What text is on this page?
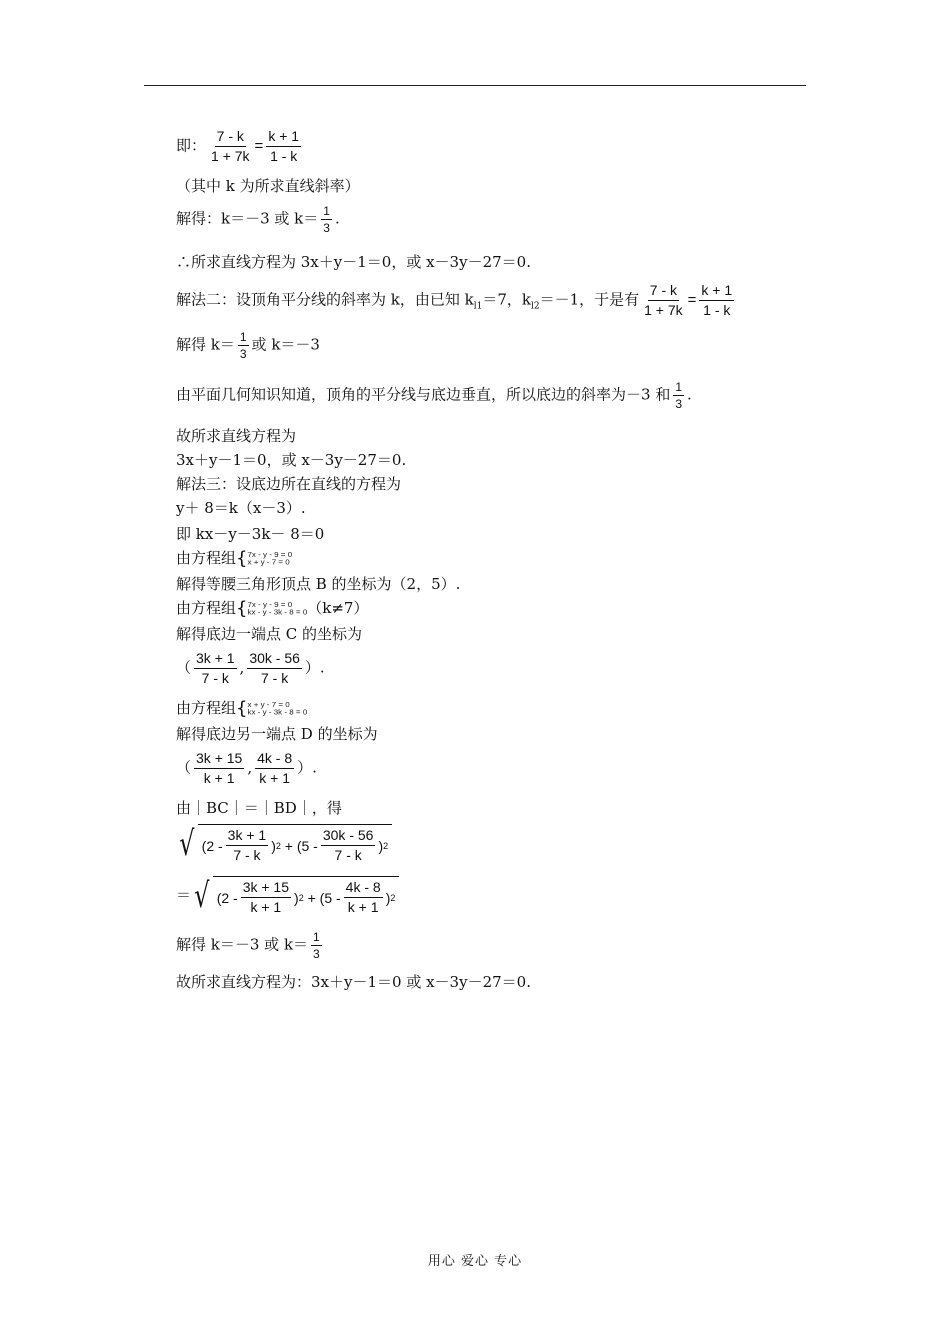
即： $\frac{7 - k}{1 + 7k} = \frac{k + 1}{1 - k}$
（其中 k 为所求直线斜率）
解得：k＝－3 或 $k= \frac{1}{3}$ .
∴所求直线方程为 3x＋y－1＝0，或 x－3y－27＝0.
解法二：设顶角平分线的斜率为 k，由已知 $k_{l1}=7$，$k_{l2}=-1$，于是有 $\frac{7 - k}{1 + 7k} = \frac{k + 1}{1 - k}$
解得 $k= \frac{1}{3}$ 或 k＝－3
由平面几何知识知道，顶角的平分线与底边垂直，所以底边的斜率为－3 和 $\frac{1}{3}$ .
故所求直线方程为
3x＋y－1＝0，或 x－3y－27＝0.
解法三：设底边所在直线的方程为
y＋ 8＝k（x－3）.
即 kx－y－3k－ 8＝0
由方程组{ 7x - y - 9 = 0
x + y - 7 = 0
解得等腰三角形顶点 B 的坐标为（2，5）.
由方程组{ 7x - y - 9 = 0
kx - y - 3k - 8 = 0 （k≠7）
解得底边一端点 C 的坐标为
（ $\frac{3k + 1}{7 - k}$ , $\frac{30k - 56}{7 - k}$ ）.
由方程组{ x + y - 7 = 0
kx - y - 3k - 8 = 0
解得底边另一端点 D 的坐标为
（ $\frac{3k + 15}{k + 1}$ , $\frac{4k - 8}{k + 1}$ ）.
由｜BC｜＝｜BD｜，得
√ ($2 - \frac{3k + 1}{7 - k}$ ) 2
+ ($5 - \frac{30k - 56}{7 - k}$ ) 2
＝ √ ($2 - \frac{3k + 15}{k + 1}$ ) 2
+ ($5 - \frac{4k - 8}{k + 1}$ ) 2
解得 k＝－3 或 $k= \frac{1}{3}$
故所求直线方程为：3x＋y－1＝0 或 x－3y－27＝0.
用心 爱心 专心
